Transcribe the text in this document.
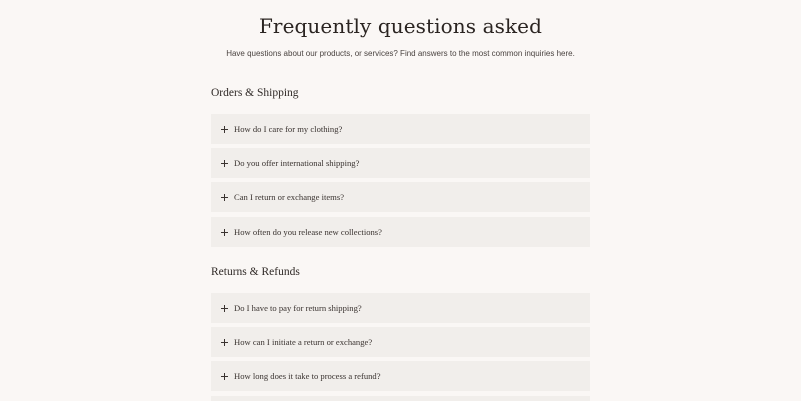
Frequently questions asked

Have questions about our products, or services? Find answers to the most common inquiries here.

Orders & Shipping
How do I care for my clothing?
Do you offer international shipping?
Can I return or exchange items?
How often do you release new collections?
Returns & Refunds
Do I have to pay for return shipping?
How can I initiate a return or exchange?
How long does it take to process a refund?
